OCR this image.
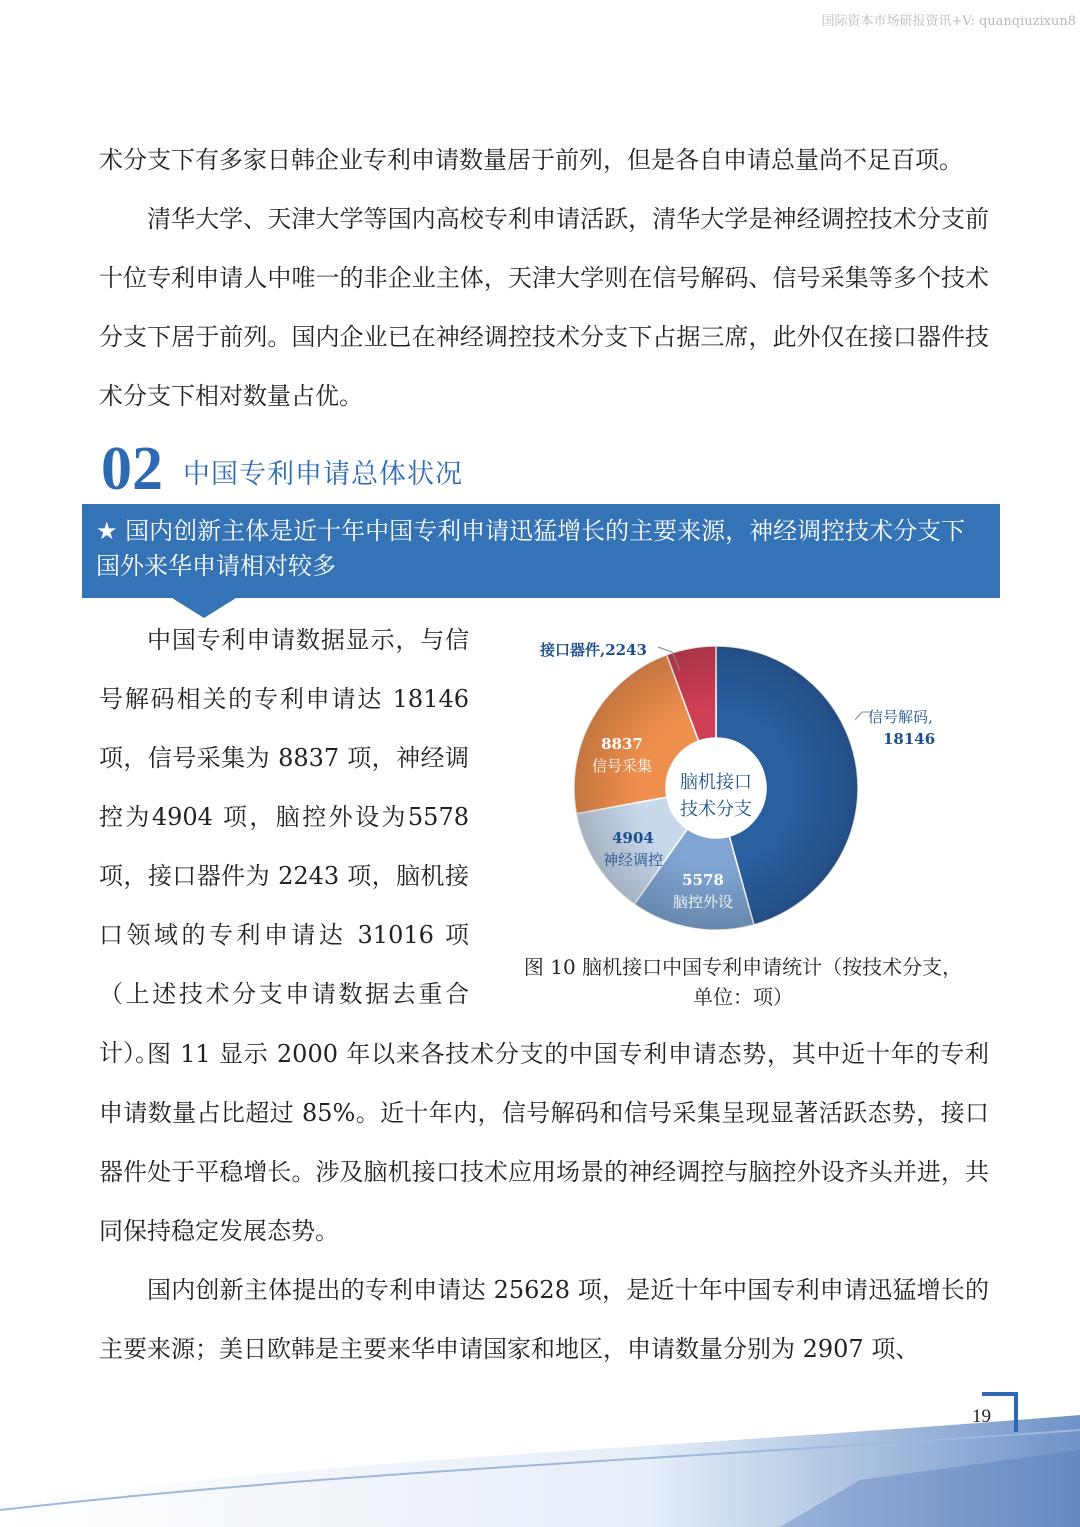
国际资本市场研报资讯+V: quanqiuzixun8

术分支下有多家日韩企业专利申请数量居于前列，但是各自申请总量尚不足百项。

清华大学、天津大学等国内高校专利申请活跃，清华大学是神经调控技术分支前十位专利申请人中唯一的非企业主体，天津大学则在信号解码、信号采集等多个技术分支下居于前列。国内企业已在神经调控技术分支下占据三席，此外仅在接口器件技术分支下相对数量占优。

02 中国专利申请总体状况
★ 国内创新主体是近十年中国专利申请迅猛增长的主要来源，神经调控技术分支下国外来华申请相对较多

中国专利申请数据显示，与信号解码相关的专利申请达 18146 项，信号采集为 8837 项，神经调控为4904 项，脑控外设为5578 项，接口器件为 2243 项，脑机接口领域的专利申请达 31016 项（上述技术分支申请数据去重合计）。

脑机接口
技术分支
接口器件,2243
信号解码,
18146
8837
信号采集
4904
神经调控
5578
脑控外设
图 10 脑机接口中国专利申请统计（按技术分支，
单位：项）

图 11 显示 2000 年以来各技术分支的中国专利申请态势，其中近十年的专利申请数量占比超过 85%。近十年内，信号解码和信号采集呈现显著活跃态势，接口器件处于平稳增长。涉及脑机接口技术应用场景的神经调控与脑控外设齐头并进，共同保持稳定发展态势。

国内创新主体提出的专利申请达 25628 项，是近十年中国专利申请迅猛增长的主要来源；美日欧韩是主要来华申请国家和地区，申请数量分别为 2907 项、

19
